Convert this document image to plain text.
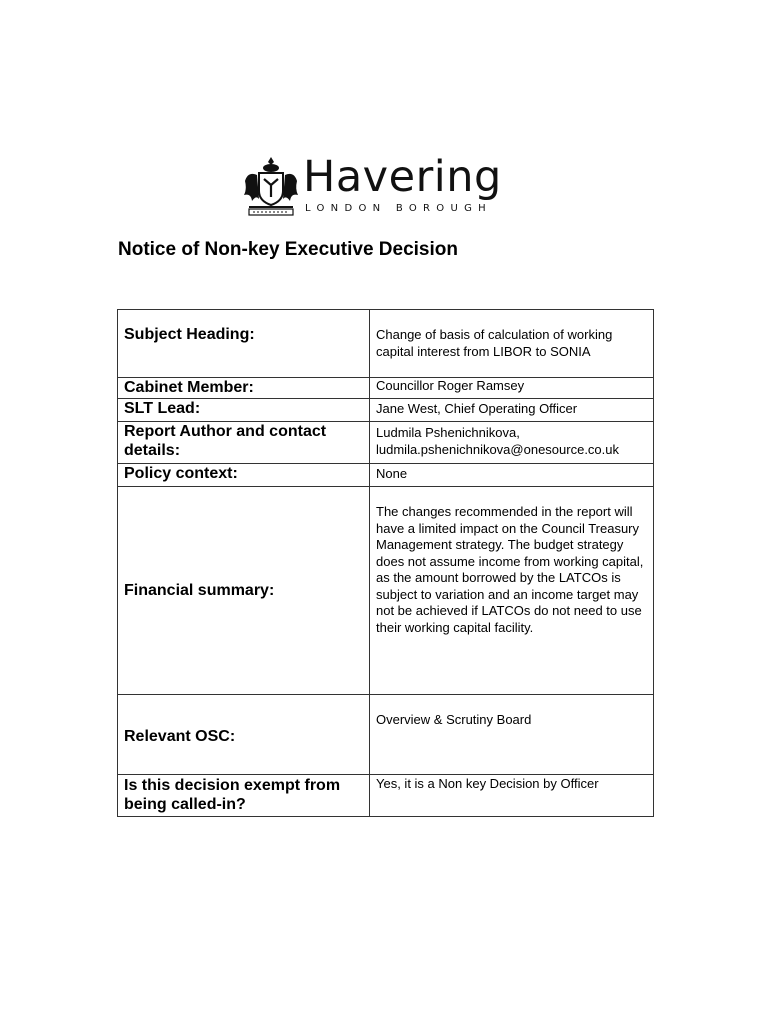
Havering
LONDON BOROUGH
Notice of Non-key Executive Decision
Subject Heading:	Change of basis of calculation of working capital interest from LIBOR to SONIA
Cabinet Member:	Councillor Roger Ramsey
SLT Lead:	Jane West, Chief Operating Officer
Report Author and contact details:	Ludmila Pshenichnikova,
ludmila.pshenichnikova@onesource.co.uk

Policy context:	None
Financial summary:	The changes recommended in the report will have a limited impact on the Council Treasury Management strategy. The budget strategy does not assume income from working capital, as the amount borrowed by the LATCOs is subject to variation and an income target may not be achieved if LATCOs do not need to use their working capital facility.
Relevant OSC:	Overview & Scrutiny Board
Is this decision exempt from being called-in?	Yes, it is a Non key Decision by Officer
